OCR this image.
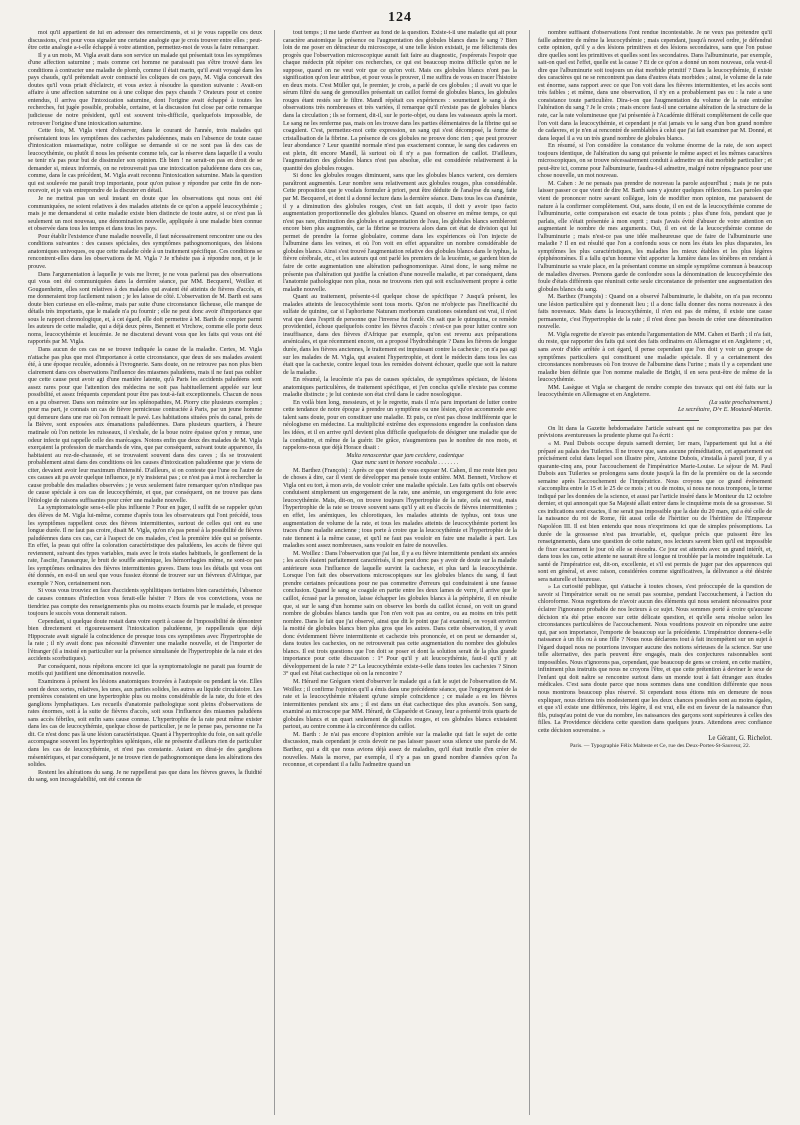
124

moi qu'il appartient de lui en adresser des remerciments, et si je vous rappelle ces deux discussions, c'est pour vous signaler une certaine analogie que je crois trouver entre elles ; peut-être cette analogie a-t-elle échappé à votre attention, permettez-moi de vous la faire remarquer.

Il y a un mois, M. Vigla avait dans son service un malade qui présentait tous les symptômes d'une affection saturnine ; mais comme cet homme ne paraissait pas s'être trouvé dans les conditions à contracter une maladie de plomb, comme il était marin, qu'il avait voyagé dans les pays chauds, qu'il prétendait avoir contracté les coliques de ces pays, M. Vigla concevait des doutes qu'il vous priait d'éclaircir, et vous aviez à résoudre la question suivante : Avait-on affaire à une affection saturnine ou à une colique des pays chauds ? Orateurs pour et contre entendus, il arriva que l'intoxication saturnine, dont l'origine avait échappé à toutes les recherches, fut jugée possible, probable, certaine, et la discussion fut close par cette remarque judicieuse de notre président, qu'il est souvent très-difficile, quelquefois impossible, de retrouver l'origine d'une intoxication saturnine.

Cette fois, M. Vigla vient d'observer, dans le courant de l'année, trois malades qui présentaient tous les symptômes des cachexies paludéennes, mais en l'absence de toute cause d'intoxication miasmatique, notre collègue se demande si ce ne sont pas là des cas de leucocythémie, ou plutôt il nous les présente comme tels, car la réserve dans laquelle il a voulu se tenir n'a pas pour but de dissimuler son opinion. Eh bien ! ne serait-on pas en droit de se demander si, mieux informés, on ne retrouverait pas une intoxication paludéenne dans ces cas, comme, dans le cas précédent, M. Vigla avait reconnu l'intoxication saturnine. Mais la question qui est soulevée me paraît trop importante, pour qu'on puisse y répondre par cette fin de non-recevoir, et je vais entreprendre de la discuter en détail.

Je ne mettrai pas un seul instant en doute que les observations qui nous ont été communiquées, ne soient relatives à des malades atteints de ce qu'on a appelé leucocythémie ; mais je me demanderai si cette maladie existe bien distincte de toute autre, si ce n'est pas là seulement un mot nouveau, une dénomination nouvelle, appliquée à une maladie bien connue et observée dans tous les temps et dans tous les pays.

Pour établir l'existence d'une maladie nouvelle, il faut nécessairement rencontrer une ou des conditions suivantes : des causes spéciales, des symptômes pathognomoniques, des lésions anatomiques univoques, ou que cette maladie cède à un traitement spécifique. Ces conditions se rencontrent-elles dans les observations de M. Vigla ? Je n'hésite pas à répondre non, et je le prouve.

Dans l'argumentation à laquelle je vais me livrer, je ne vous parlerai pas des observations qui vous ont été communiquées dans la dernière séance, par MM. Becquerel, Woillez et Gouguenheim, elles sont relatives à des malades qui avaient été atteints de fièvres d'accès, et me donneraient trop facilement raison ; je les laisse de côté. L'observation de M. Barth est sans doute bien curieuse en elle-même, mais par suite d'une circonstance fâcheuse, elle manque de détails très importants, que le malade n'a pu fournir ; elle ne peut donc avoir d'importance que sous le rapport chronologique, et, à cet égard, elle doit permettre à M. Barth de compter parmi les auteurs de cette maladie, qui a déjà deux pères, Bennett et Virchow, comme elle porte deux noms, leucocythémie et leucémie. Je ne discuterai devant vous que les faits qui vous ont été rapportés par M. Vigla.

Dans aucun de ces cas ne se trouve indiquée la cause de la maladie. Certes, M. Vigla n'attache pas plus que moi d'importance à cette circonstance, que deux de ses malades avaient été, à une époque reculée, adonnés à l'ivrognerie. Sans doute, on ne retrouve pas non plus bien clairement dans ces observations l'influence des miasmes paludéens, mais il ne faut pas oublier que cette cause peut avoir agi d'une manière latente, qu'à Paris les accidents paludéens sont assez rares pour que l'attention des médecins ne soit pas habituellement appelée sur leur possibilité, et assez fréquents cependant pour être pas tout-à-fait exceptionnels. Chacun de nous en a pu observer. Dans son mémoire sur les splénopathies, M. Piorry cite plusieurs exemples ; pour ma part, je connais un cas de fièvre pernicieuse contractée à Paris, par un jeune homme qui demeure dans une rue où l'on remuait le pavé. Les habitations situées près du canal, près de la Bièvre, sont exposées aux émanations paludéennes. Dans plusieurs quartiers, à l'heure matinale où l'on nettoie les ruisseaux, il s'exhale, de la boue noire épaisse qu'on y remue, une odeur infecte qui rappelle celle des marécages. Notons enfin que deux des malades de M. Vigla exerçaient la profession de marchands de vins, que par conséquent, suivant toute apparence, ils habitaient au rez-de-chaussée, et se trouvaient souvent dans des caves ; ils se trouvaient probablement ainsi dans des conditions où les causes d'intoxication paludéenne que je viens de citer, devaient avoir leur maximum d'intensité. D'ailleurs, si on conteste que l'une ou l'autre de ces causes ait pu avoir quelque influence, je n'y insisterai pas ; ce n'est pas à moi à rechercher la cause probable des maladies observées ; je veux seulement faire remarquer qu'on n'indique pas de cause spéciale à ces cas de leucocythémie, et que, par conséquent, on ne trouve pas dans l'étiologie de raisons suffisantes pour créer une maladie nouvelle.

La symptomatologie sera-t-elle plus influente ? Pour en juger, il suffit de se rappeler qu'un des élèves de M. Vigla lui-même, comme d'après tous les observateurs qui l'ont précédé, tous les symptômes rappellent ceux des fièvres intermittentes, surtout de celles qui ont eu une longue durée. Il ne faut pas croire, disait M. Vigla, qu'on n'a pas pensé à la possibilité de fièvres paludéennes dans ces cas, car à l'aspect de ces malades, c'est la première idée qui se présente. En effet, la peau qui offre la coloration caractéristique des paludéens, les accès de fièvre qui reviennent, suivant des types variables, mais avec le trois stades habituels, le gonflement de la rate, l'ascite, l'anasarque, le bruit de souffle anémique, les hémorrhagies même, ne sont-ce pas les symptômes ordinaires des fièvres intermittentes graves. Dans tous les détails qui vous ont été donnés, en est-il un seul que vous fussiez étonné de trouver sur un fiévreux d'Afrique, par exemple ? Non, certainement non.

Si vous vous trouviez en face d'accidents syphilitiques tertiaires bien caractérisés, l'absence de causes connues d'infection vous ferait-elle hésiter ? Hors de vos convictions, vous ne tiendriez pas compte des renseignements plus ou moins exacts fournis par le malade, et presque toujours le succès vous donnerait raison.

Cependant, si quelque doute restait dans votre esprit à cause de l'impossibilité de démontrer bien directement et rigoureusement l'intoxication paludéenne, je rappellerais que déjà Hippocrate avait signalé la coïncidence de presque tous ces symptômes avec l'hypertrophie de la rate ; il n'y avait donc pas nécessité d'inventer une maladie nouvelle, et de l'importer de l'étranger (il a insisté en particulier sur la présence simultanée de l'hypertrophie de la rate et des accidents scorbutiques).

Par conséquent, nous répétons encore ici que la symptomatologie ne parait pas fournir de motifs qui justifient une dénomination nouvelle.

Examinons à présent les lésions anatomiques trouvées à l'autopsie ou pendant la vie. Elles sont de deux sortes, relatives, les unes, aux parties solides, les autres au liquide circulatoire. Les premières consistent en une hypertrophie plus ou moins considérable de la rate, du foie et des ganglions lymphatiques. Les recueils d'anatomie pathologique sont pleins d'observations de rates énormes, soit à la suite de fièvres d'accès, soit sous l'influence des miasmes paludéens sans accès fébriles, soit enfin sans cause connue. L'hypertrophie de la rate peut même exister dans les cas de leucocythémie, quelque chose de particulier, je ne le pense pas, personne ne l'a dit. Ce n'est donc pas là une lésion caractéristique. Quant à l'hypertrophie du foie, on sait qu'elle accompagne souvent les hypertrophies spléniques, elle ne présente d'ailleurs rien de particulier dans les cas de leucocythémie, et n'est pas constante. Autant en dirai-je des ganglions mésentériques, et par conséquent, je ne trouve rien de pathognomonique dans les altérations des solides.

Restent les altérations du sang. Je ne rappellerai pas que dans les fièvres graves, la fluidité du sang, son incoagulabilité, ont été connus de

tout temps ; il me tarde d'arriver au fond de la question. Existe-t-il une maladie qui ait pour caractère anatomique la présence ou l'augmentation des globules blancs dans le sang ? Bien loin de me poser en détracteur du microscope, si une telle lésion existait, je me féliciterais des progrès que l'observation microscopique aurait fait faire au diagnostic, j'espérerais l'espoir que chaque médecin pût répéter ces recherches, ce qui est beaucoup moins difficile qu'on ne le suppose, quand on ne veut voir que ce qu'on voit. Mais ces globules blancs n'ont pas la signification qu'on leur attribue, et pour vous le prouver, il me suffira de vous en tracer l'histoire en deux mots. C'est Müller qui, le premier, je crois, a parlé de ces globules ; il avait vu que le sérum filtré du sang de grenouilles présentait un caillot formé de globules blancs, les globules rouges étant restés sur le filtre. Mandl répétait ces expériences : soumettant le sang à des observations très nombreuses et très variées, il remarque qu'il n'existe pas de globules blancs dans la circulation ; ils se forment, dit-il, sur le porte-objet, ou dans les vaisseaux après la mort. Le sang ne les renferme pas, mais on les trouve dans les parties élémentaires de la fibrine qui se coagulent. C'est, permettez-moi cette expression, un sang qui s'est décomposé, la forme de cristallisation de la fibrine. La présence de ces globules ne prouve donc rien ; que peut prouver leur abondance ? Leur quantité normale n'est pas exactement connue, le sang des cadavres en est plein, dit encore Mandl, là surtout où il n'y a pas formation de caillot. D'ailleurs, l'augmentation des globules blancs n'est pas absolue, elle est considérée relativement à la quantité des globules rouges.

Si donc les globules rouges diminuent, sans que les globules blancs varient, ces derniers paraîtront augmentés. Leur nombre sera relativement aux globules rouges, plus considérable. Cette proposition que je voulais formuler à priori, peut être déduite de l'analyse du sang, faite par M. Becquerel, et dont il a donné lecture dans la dernière séance. Dans tous les cas d'anémie, il y a diminution des globules rouges, c'est un fait acquis, il doit y avoir ipso facto augmentation proportionnelle des globules blancs. Quand on observe en même temps, ce qui n'est pas rare, diminution des globules et augmentation de l'eau, les globules blancs sembleront encore bien plus augmentés, car la fibrine se trouvera alors dans cet état de division qui lui permet de prendre la forme globulaire, comme dans les expériences où l'on injecte de l'albumine dans les veines, et où l'on voit en effet apparaître un nombre considérable de globules blancs. Ainsi s'est trouvé l'augmentation relative des globules blancs dans le typhus, la fièvre cérébrale, etc., et les auteurs qui ont parlé les premiers de la leucémie, se gardent bien de faire de cette augmentation une altération pathognomonique. Ainsi donc, le sang même ne présente pas d'altération qui justifie la création d'une nouvelle maladie, et par conséquent, dans l'anatomie pathologique non plus, nous ne trouvons rien qui soit exclusivement propre à cette maladie nouvelle.

Quant au traitement, présente-t-il quelque chose de spécifique ? Jusqu'à présent, les malades atteints de leucocythémie sont tous morts. Qu'on ne m'objecte pas l'inefficacité du sulfate de quinine, car si l'aphorisme Naturam morborum curationes ostendunt est vrai, il n'est vrai que dans l'esprit de personne que l'inverse fut fondé. On sait que le quinquina, ce remède providentiel, échoue quelquefois contre les fièvres d'accès : n'est-ce pas pour lutter contre son insuffisance, dans des fièvres d'Afrique par exemple, qu'on est revenu aux préparations arsénicales, et que récemment encore, on a proposé l'hydrothérapie ? Dans les fièvres de longue durée, dans les fièvres anciennes, le traitement est impuissant contre la cachexie ; on n'a pas agi sur les malades de M. Vigla, qui avaient l'hypertrophie, et dont le médecin dans tous les cas était que la cachexie, contre lequel tous les remèdes doivent échouer, quelle que soit la nature de la maladie.

En résumé, la leucémie n'a pas de causes spéciales, de symptômes spéciaux, de lésions anatomiques particulières, de traitement spécifique, et j'en conclus qu'elle n'existe pas comme maladie distincte ; je lui conteste son état civil dans le cadre nosologique.

En voilà bien long, messieurs, et je le regrette, mais il m'a paru important de lutter contre cette tendance de notre époque à prendre un symptôme ou une lésion, qu'on accommode avec talent sans doute, pour en constituer une maladie. Et puis, ce n'est pas chose indifférente que le néologisme en médecine. La multiplicité extrême des expressions engendre la confusion dans les idées, et il en arrive qu'il devient plus difficile quelquefois de désigner une maladie que de la combattre, et même de la guérir. De grâce, n'augmentons pas le nombre de nos mots, et rappelons-nous que déjà Horace disait :

Multa renascentur quæ jam cecidere, cadentque

Quæ nunc sunt in honore vocabula . . . . . . .

M. Barthez (François) : Après ce que vient de vous exposer M. Cahen, il me reste bien peu de choses à dire, car il vient de développer ma pensée toute entière. MM. Bennett, Virchow et Vigla ont eu tort, à mon avis, de vouloir créer une maladie spéciale. Les faits qu'ils ont observés conduisent simplement un engorgement de la rate, une anémie, un engorgement du foie avec leucocythémie. Mais, dit-on, on trouve toujours l'hypertrophie de la rate, cela est vrai, mais l'hypertrophie de la rate se trouve souvent sans qu'il y ait eu d'accès de fièvres intermittentes ; en effet, les anémiques, les chlorotiques, les malades atteints de typhus, ont tous une augmentation de volume de la rate, et tous les malades atteints de leucocythémie portent les traces d'une maladie ancienne ; tous porte à croire que la leucocythémie et l'hypertrophie de la rate tiennent à la même cause, et qu'il ne faut pas vouloir en faire une maladie à part. Les maladies sont assez nombreuses, sans vouloir en faire de nouvelles.

M. Woillez : Dans l'observation que j'ai lue, il y a eu fièvre intermittente pendant six années ; les accès étaient parfaitement caractérisés, il ne peut donc pas y avoir de doute sur la maladie antérieure sous l'influence de laquelle survint la cachexie, et plus tard la leucocythémie. Lorsque l'on fait des observations microscopiques sur les globules blancs du sang, il faut prendre certaines précautions pour ne pas commettre d'erreurs qui conduiraient à une fausse conclusion. Quand le sang se coagule en partie entre les deux lames de verre, il arrive que le caillot, écrasé par la pression, laisse échapper les globules blancs à la périphérie, il en résulte que, si sur le sang d'un homme sain on observe les bords du caillot écrasé, on voit un grand nombre de globules blancs tandis que l'on n'en voit pas au centre, ou au moins en très petit nombre. Dans le fait que j'ai observé, ainsi que dit le point que j'ai examiné, on voyait environ la moitié de globules blancs bien plus gros que les autres. Dans cette observation, il y avait donc évidemment fièvre intermittente et cachexie très prononcée, et on peut se demander si, dans toutes les cachexies, on ne retrouverait pas cette augmentation du nombre des globules blancs. Il est trois questions que l'on doit se poser et dont la solution serait de la plus grande importance pour cette discussion : 1° Pour qu'il y ait leucocythémie, faut-il qu'il y ait développement de la rate ? 2° La leucocythémie existe-t-elle dans toutes les cachexies ? Sinon 3° quel est l'état cachectique où on la rencontre ?

M. Hérard me Gréguen vient d'observer le malade qui a fait le sujet de l'observation de M. Woillez ; il confirme l'opinion qu'il a émis dans une précédente séance, que l'engorgement de la rate et la leucocythémie n'étaient qu'une simple coïncidence ; ce malade a eu les fièvres intermittentes pendant six ans ; il est dans un état cachectique des plus avancés. Son sang, examiné au microscope par MM. Hérard, de Claparède et Grassy, leur a présenté trois quarts de globules blancs et un quart seulement de globules rouges, et ces globules blancs existaient partout, au centre comme à la circonférence du caillot.

M. Barth : Je n'ai pas encore d'opinion arrêtée sur la maladie qui fait le sujet de cette discussion, mais cependant je crois devoir ne pas laisser passer sous silence une parole de M. Barthez, qui a dit que nous avions déjà assez de maladies, qu'il était inutile d'en créer de nouvelles. Mais la morve, par exemple, il n'y a pas un grand nombre d'années qu'on l'a reconnue, et cependant il a fallu l'admettre quand un

nombre suffisant d'observations l'ont rendue incontestable. Je ne veux pas prétendre qu'il faille admettre de même la leucocythémie ; mais cependant, jusqu'à nouvel ordre, je défendrai cette opinion, qu'il y a des lésions primitives et des lésions secondaires, sans que l'on puisse dire quelles sont les primitives et quelles sont les secondaires. Dans l'albuminurie, par exemple, sait-on quel est l'effet, quelle est la cause ? Et de ce qu'on a donné un nom nouveau, cela veut-il dire que l'albuminurie soit toujours un état morbide primitif ? Dans la leucocythémie, il existe des caractères qui ne se rencontrent pas dans d'autres états morbides ; ainsi, le volume de la rate est énorme, sans rapport avec ce que l'on voit dans les fièvres intermittentes, et les accès sont très faibles ; et même, dans une observation, il n'y en a probablement pas eu : la rate a une consistance toute particulière. Dira-t-on que l'augmentation du volume de la rate entraîne l'altération du sang ? Je le crois ; mais encore faut-il une certaine altération de la structure de la rate, car la rate volumineuse que j'ai présentée à l'Académie différait complètement de celle que l'on voit dans la leucocythémie, et cependant je n'ai jamais vu le sang d'un bon grand nombre de cadavres, et je n'en ai rencontré de semblables à celui que j'ai fait examiner par M. Donné, et dans lequel il a vu un très grand nombre de globules blancs.

En résumé, si l'on considère la constance du volume énorme de la rate, de son aspect toujours identique, de l'altération du sang qui présente le même aspect et les mêmes caractères microscopiques, on se trouve nécessairement conduit à admettre un état morbide particulier ; et peut-être ici, comme pour l'albuminurie, faudra-t-il admettre, malgré notre répugnance pour une chose nouvelle, un mot nouveau.

M. Cahen : Je ne pensais pas prendre de nouveau la parole aujourd'hui ; mais je ne puis laisser passer ce que vient de dire M. Barth sans y ajouter quelques réflexions. Les paroles que vient de prononcer notre savant collègue, loin de modifier mon opinion, me paraissent de nature à la confirmer complètement. Oui, sans doute, il en est de la leucocythémie comme de l'albuminurie, cette comparaison est exacte de tous points ; plus d'une fois, pendant que je parlais, elle s'était présentée à mon esprit ; mais j'avais évité d'abuser de votre attention en augmentant le nombre de mes arguments. Oui, il en est de la leucocythémie comme de l'albuminurie ; mais n'est-ce pas une idée malheureuse que de faire de l'albuminurie une maladie ? Il en est résulté que l'on a confondu sous ce nom les états les plus disparates, les symptômes les plus caractéristiques, les maladies les mieux établies et les plus légères épiphénomènes. Il a fallu qu'un homme vînt apporter la lumière dans les ténèbres en rendant à l'albuminurie sa vraie place, en la présentant comme un simple symptôme commun à beaucoup de maladies diverses. Prenons garde de confondre sous la dénomination de leucocythémie des foule d'états différents que réunirait cette seule circonstance de présenter une augmentation des globules blancs du sang.

M. Barthez (François) : Quand on a observé l'albuminurie, le diabète, on n'a pas reconnu une lésion particulière qui y donnerait lieu ; il a donc fallu donner des noms nouveaux à des faits nouveaux. Mais dans la leucocythémie, il n'en est pas de même, il existe une cause permanente, c'est l'hypertrophie de la rate ; il n'est donc pas besoin de créer une dénomination nouvelle.

M. Vigla regrette de n'avoir pas entendu l'argumentation de MM. Cahen et Barth ; il n'a fait, du reste, que rapporter des faits qui sont des faits ordinaires en Allemagne et en Angleterre ; et, sans avoir d'idée arrêtée à cet égard, il pense cependant que l'on doit y voir un groupe de symptômes particuliers qui constituent une maladie spéciale. Il y a certainement des circonstances nombreuses où l'on trouve de l'albumine dans l'urine ; mais il y a cependant une maladie bien définie que l'on nomme maladie de Bright, il en sera peut-être de même de la leucocythémie.

MM. Lasègue et Vigla se chargent de rendre compte des travaux qui ont été faits sur la leucocythémie en Allemagne et en Angleterre.

(La suite prochainement.)

Le secrétaire, D^r E. Moutard-Martin.

On lit dans la Gazette hebdomadaire l'article suivant qui ne compromettra pas par des prévisions aventureuses la prudente plume qui l'a écrit :

« M. Paul Dubois occupe depuis samedi dernier, 1er mars, l'appartement qui lui a été préparé au palais des Tuileries. Il ne trouve que, sans aucune préméditation, cet appartement est précisément celui dans lequel son illustre père, Antoine Dubois, s'installa à pareil jour, il y a quarante-cinq ans, pour l'accouchement de l'impératrice Marie-Louise. Le séjour de M. Paul Dubois aux Tuileries se prolongera sans doute jusqu'à la fin de la première ou de la seconde semaine après l'accouchement de l'impératrice. Nous croyons que ce grand événement s'accomplira entre le 15 et le 25 de ce mois ; et ou de moins, si nous ne nous trompons, le terme indiqué par les données de la science, et aussi par l'article inséré dans le Moniteur du 12 octobre dernier, et qui annonçait que Sa Majesté allait entrer dans le cinquième mois de sa grossesse. Si ces indications sont exactes, il ne serait pas impossible que la date du 20 mars, qui a été celle de la naissance du roi de Rome, fût aussi celle de l'héritier ou de l'héritière de l'Empereur Napoléon III. Il est bien entendu que nous n'exprimons ici que de simples présomptions. La durée de la grossesse n'est pas invariable, et, quelque précis que puissent être les renseignements, dans une question de cette nature, nos lecteurs savent bien qu'il est impossible de fixer exactement le jour où elle se résoudra. Ce jour est attendu avec un grand intérêt, et, dans tous les cas, cette attente ne saurait être si longue ni troublée par la moindre inquiétude. La santé de l'impératrice est, dit-on, excellente, et s'il est permis de juger par des apparences qui sont en général, et avec raison, considérées comme significatives, la délivrance a été désirée sera naturelle et heureuse.

» La curiosité publique, qui s'attache à toutes choses, s'est préoccupée de la question de savoir si l'impératrice serait ou ne serait pas soumise, pendant l'accouchement, à l'action du chloroforme. Nous regrettons de n'avoir aucun des éléments qui nous seraient nécessaires pour éclairer l'ignorance probable de nos lecteurs à ce sujet. Nous sommes porté à croire qu'aucune décision n'a été prise encore sur cette délicate question, et qu'elle sera résolue selon les circonstances particulières de l'accouchement. Nous voudrions pouvoir en répondre une autre qui, par son importance, l'emporte de beaucoup sur la précédente. L'impératrice donnera-t-elle naissance à un fils ou à une fille ? Nous nous déclarons tout à fait incompétent sur un sujet à l'égard duquel nous ne pourrions invoquer aucune des notions sérieuses de la science. Sur une telle alternative, des paris peuvent être engagés, mais des conjectures raisonnables sont impossibles. Nous n'ignorons pas, cependant, que beaucoup de gens se croient, en cette matière, infiniment plus instruits que nous ne croyons l'être, et que cette prétention à deviner le sexe de l'enfant qui doit naître se rencontre surtout dans un monde tout à fait étranger aux études médicales. C'est sans doute parce que nous sommes dans une condition différente que nous nous montrons beaucoup plus réservé. Si cependant nous étions mis en demeure de nous expliquer, nous dirions très modestement que les deux chances possibles sont au moins égales, et que s'il existe une différence, très légère, il est vrai, elle est en faveur de la naissance d'un fils, puisqu'au point de vue du nombre, les naissances des garçons sont supérieures à celles des filles. La Providence décidera cette question dans quelques jours. Attendons avec confiance cette décision souveraine. »

Le Gérant, G. Richelot.

Paris. — Typographie Félix Malteste et Ce, rue des Deux-Portes-St-Sauveur, 22.
